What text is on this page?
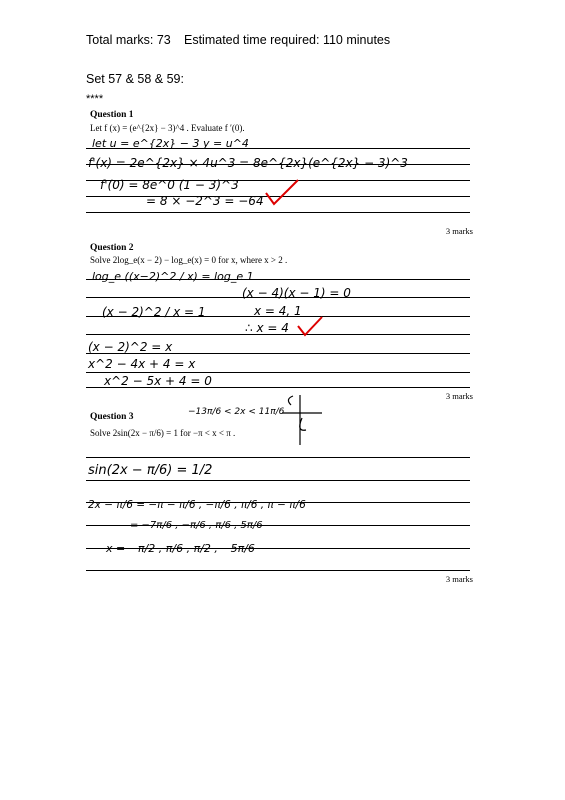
Total marks: 73 Estimated time required: 110 minutes
Set 57 & 58 & 59:
****
Question 1
Let f (x) = (e^{2x} − 3)^4 . Evaluate f ′(0).
3 marks
Question 2
Solve 2log_e(x − 2) − log_e(x) = 0 for x, where x > 2 .
3 marks
Question 3
Solve 2sin(2x − π/6) = 1 for −π < x < π .
3 marks
let u = e^{2x} − 3 y = u^4
f'(x) = 2e^{2x} × 4u^3 = 8e^{2x}(e^{2x} − 3)^3
f'(0) = 8e^0 (1 − 3)^3
= 8 × −2^3 = −64
log_e ((x−2)^2 / x) = log_e 1
(x − 2)^2 / x = 1
(x − 2)^2 = x
x^2 − 4x + 4 = x
x^2 − 5x + 4 = 0
(x − 4)(x − 1) = 0
x = 4, 1
∴ x = 4
−13π/6 < 2x < 11π/6
sin(2x − π/6) = 1/2
2x − π/6 = −π − π/6 , −π/6 , π/6 , π − π/6
= −7π/6 , −π/6 , π/6 , 5π/6
x = −π/2 , π/6 , π/2 , −5π/6
